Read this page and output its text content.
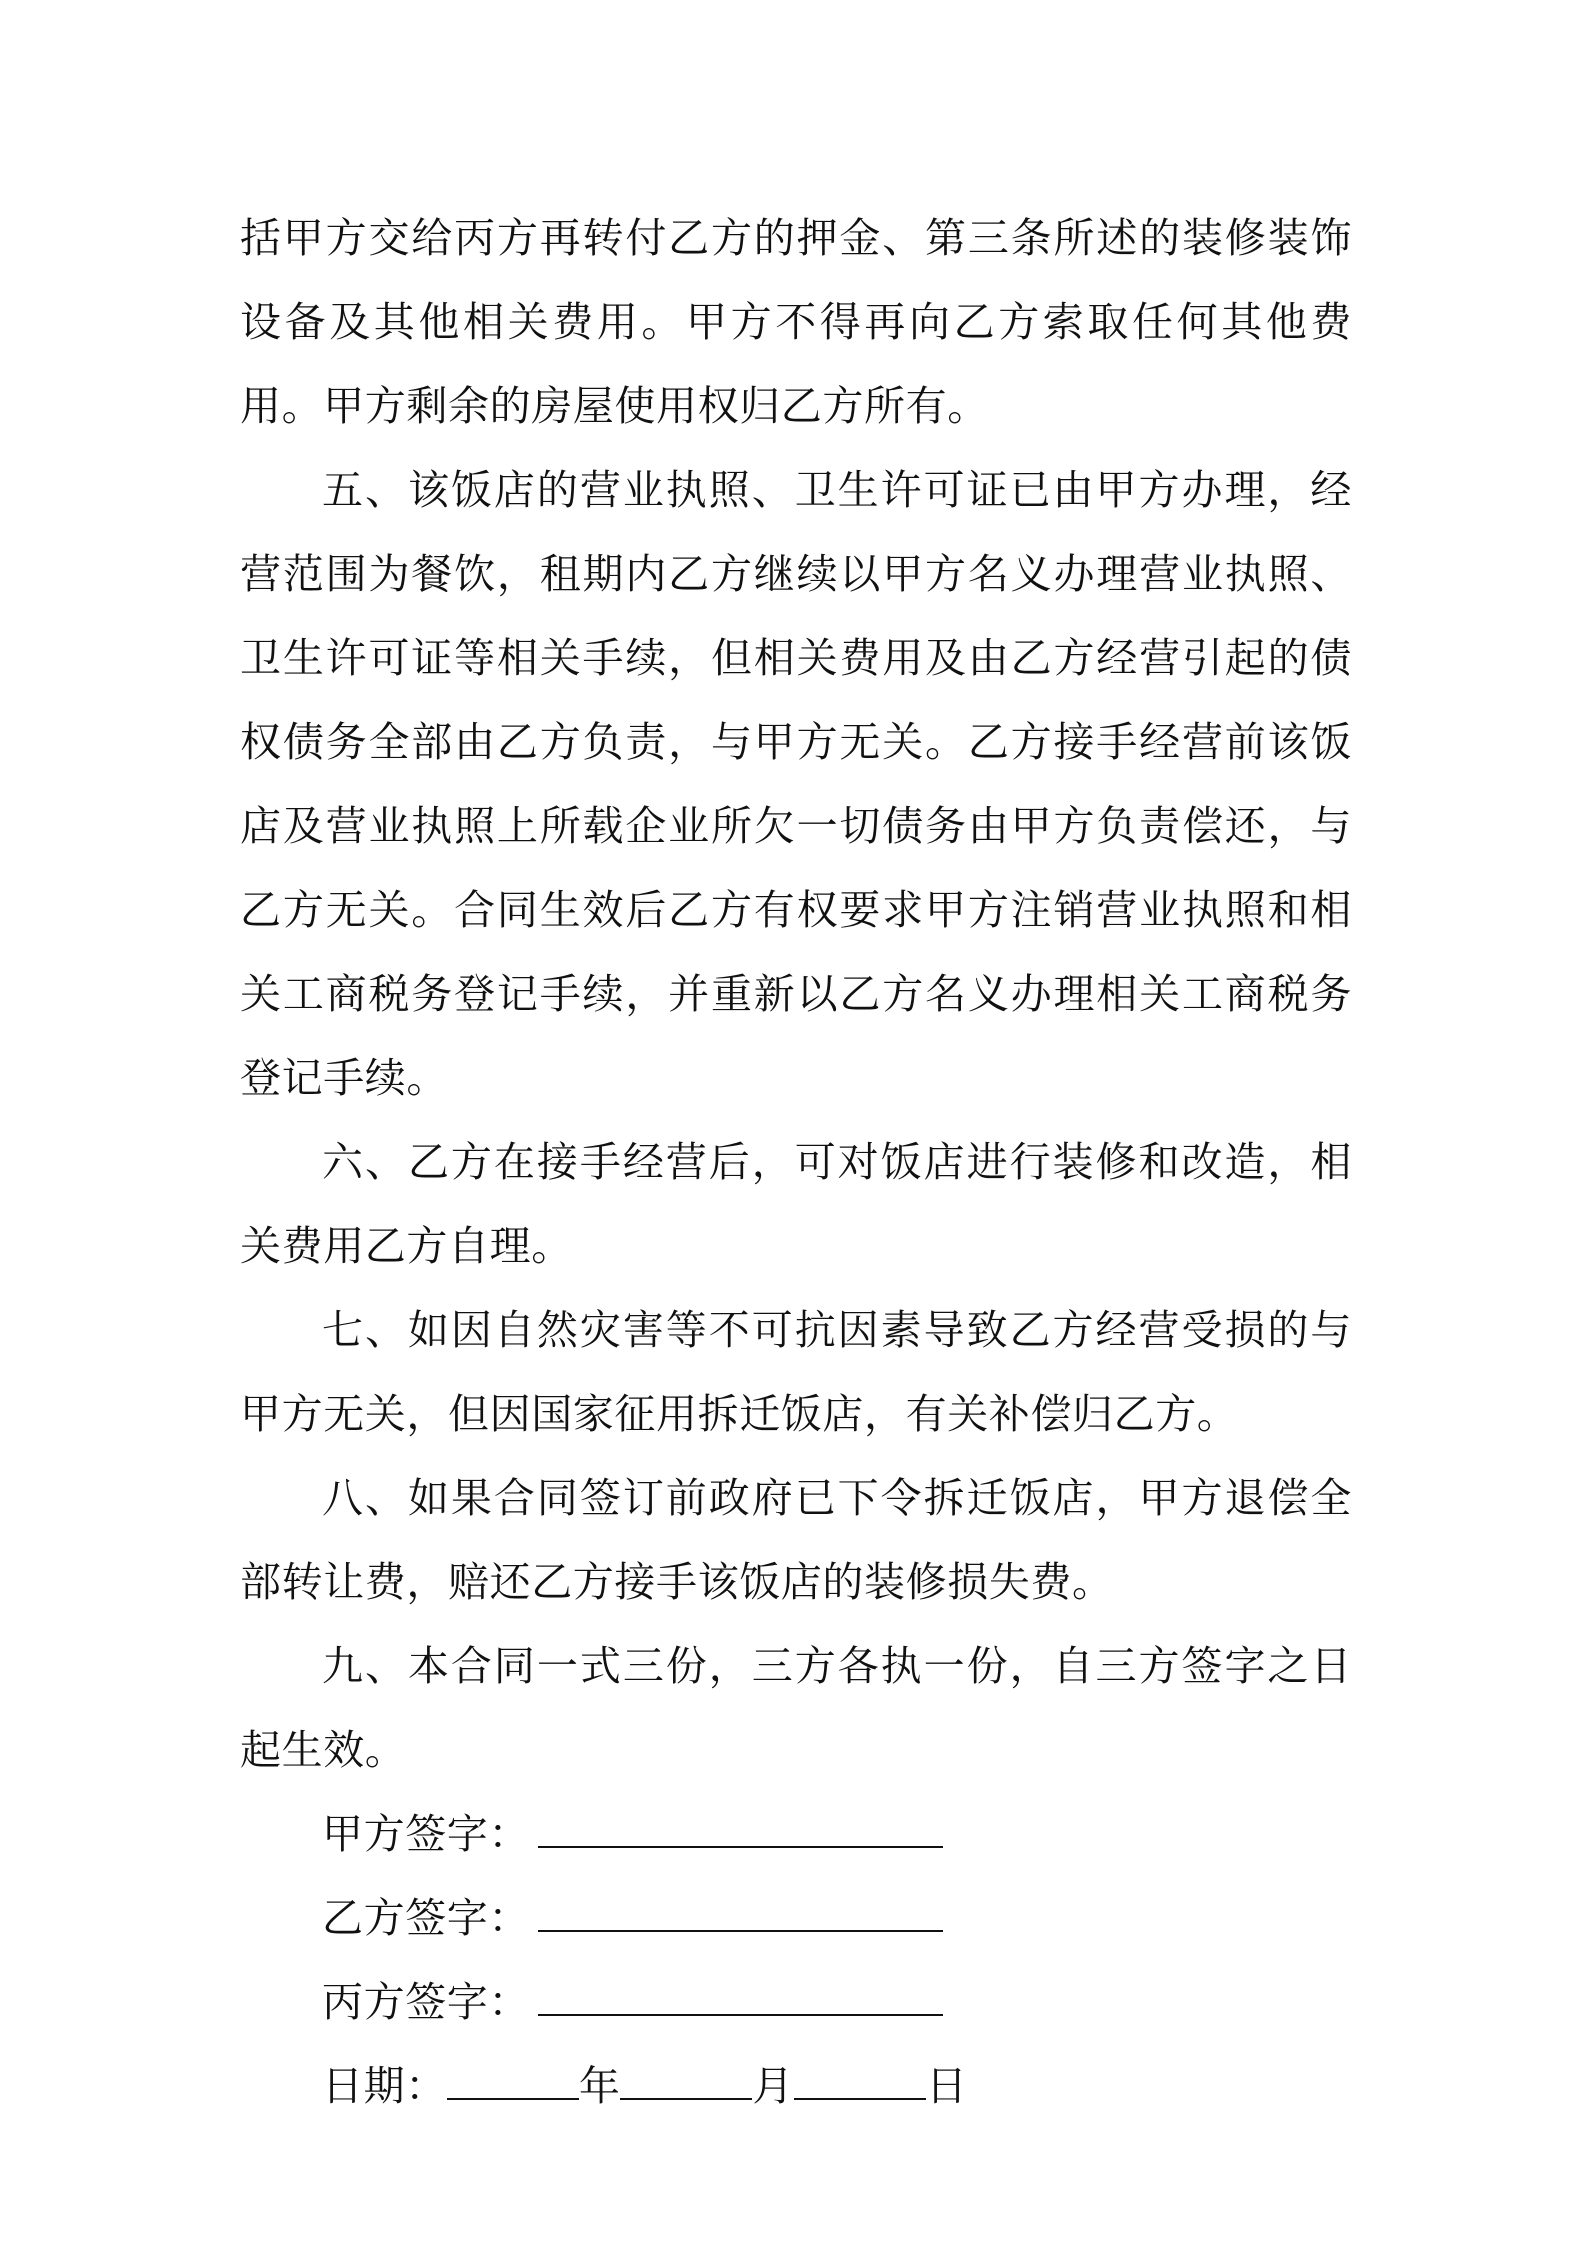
括甲方交给丙方再转付乙方的押金、第三条所述的装修装饰设备及其他相关费用。甲方不得再向乙方索取任何其他费用。甲方剩余的房屋使用权归乙方所有。

五、该饭店的营业执照、卫生许可证已由甲方办理，经营范围为餐饮，租期内乙方继续以甲方名义办理营业执照、卫生许可证等相关手续，但相关费用及由乙方经营引起的债权债务全部由乙方负责，与甲方无关。乙方接手经营前该饭店及营业执照上所载企业所欠一切债务由甲方负责偿还，与乙方无关。合同生效后乙方有权要求甲方注销营业执照和相关工商税务登记手续，并重新以乙方名义办理相关工商税务登记手续。

六、乙方在接手经营后，可对饭店进行装修和改造，相关费用乙方自理。

七、如因自然灾害等不可抗因素导致乙方经营受损的与甲方无关，但因国家征用拆迁饭店，有关补偿归乙方。

八、如果合同签订前政府已下令拆迁饭店，甲方退偿全部转让费，赔还乙方接手该饭店的装修损失费。

九、本合同一式三份，三方各执一份，自三方签字之日起生效。

甲方签字：

乙方签字：

丙方签字：

日期：	年	月	日
